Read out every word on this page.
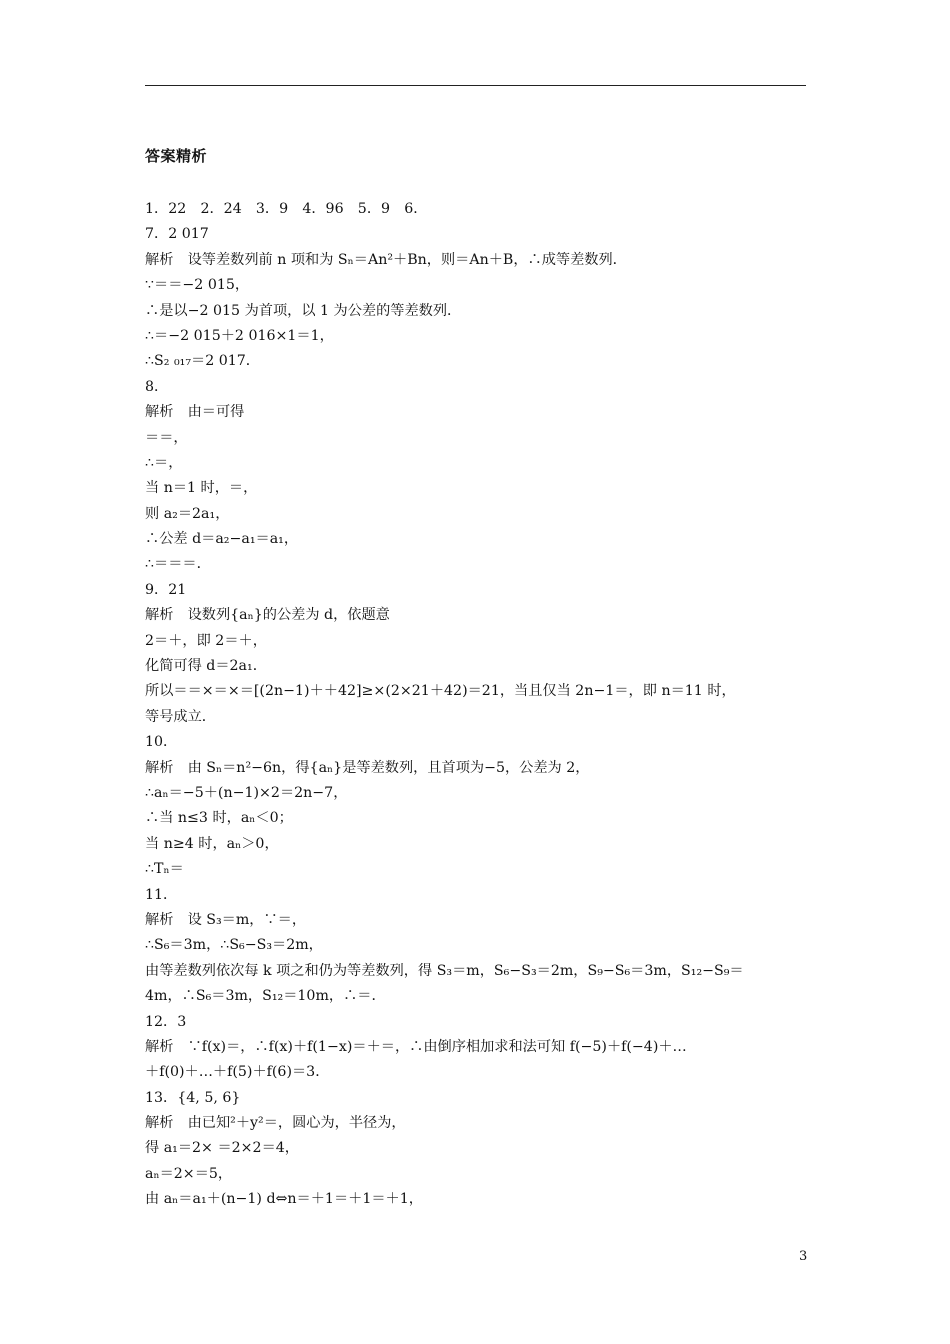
答案精析
1．22　2．24　3．9　4．96　5．9　6．
7．2 017
解析　设等差数列前 n 项和为 Sₙ＝An²＋Bn，则＝An＋B，∴成等差数列．
∵＝＝−2 015，
∴是以−2 015 为首项，以 1 为公差的等差数列．
∴＝−2 015＋2 016×1＝1，
∴S₂ ₀₁₇＝2 017．
8．
解析　由＝可得
＝＝，
∴＝，
当 n＝1 时，＝，
则 a₂＝2a₁，
∴公差 d＝a₂−a₁＝a₁，
∴＝＝＝．
9．21
解析　设数列{aₙ}的公差为 d，依题意
2＝＋，即 2＝＋，
化简可得 d＝2a₁．
所以＝＝×＝×＝[(2n−1)＋＋42]≥×(2×21＋42)＝21，当且仅当 2n−1＝，即 n＝11 时，
等号成立．
10．
解析　由 Sₙ＝n²−6n，得{aₙ}是等差数列，且首项为−5，公差为 2，
∴aₙ＝−5＋(n−1)×2＝2n−7，
∴当 n≤3 时，aₙ＜0；
当 n≥4 时，aₙ＞0，
∴Tₙ＝
11．
解析　设 S₃＝m，∵＝，
∴S₆＝3m，∴S₆−S₃＝2m，
由等差数列依次每 k 项之和仍为等差数列，得 S₃＝m，S₆−S₃＝2m，S₉−S₆＝3m，S₁₂−S₉＝
4m，∴S₆＝3m，S₁₂＝10m，∴＝．
12．3
解析　∵f(x)＝，∴f(x)＋f(1−x)＝＋＝，∴由倒序相加求和法可知 f(−5)＋f(−4)＋…
＋f(0)＋…＋f(5)＋f(6)＝3．
13．{4, 5, 6}
解析　由已知²＋y²＝，圆心为，半径为，
得 a₁＝2× ＝2×2＝4，
aₙ＝2×＝5，
由 aₙ＝a₁＋(n−1) d⇔n＝＋1＝＋1＝＋1，
3
